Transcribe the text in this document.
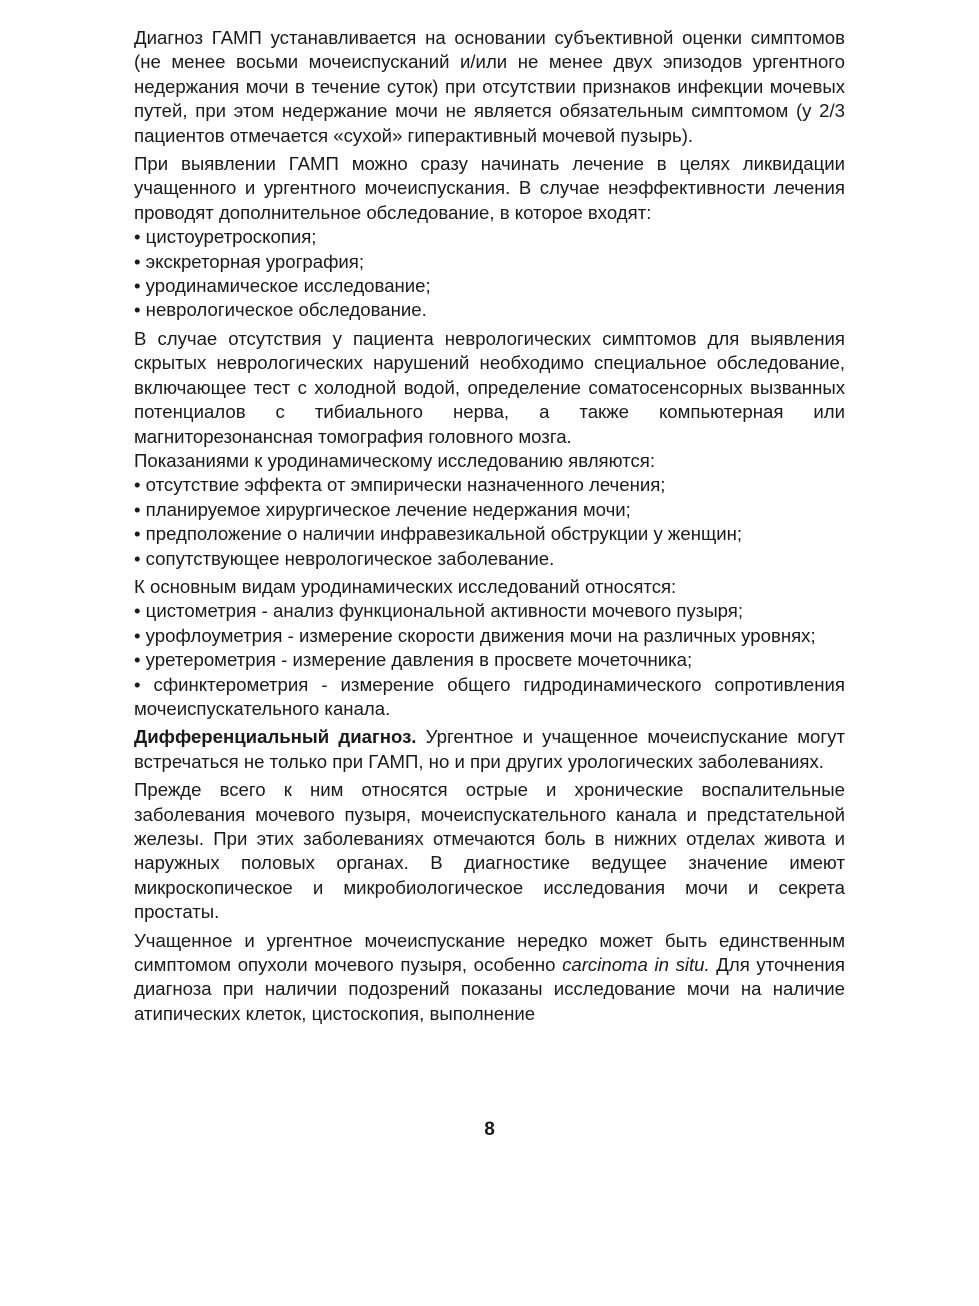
Диагноз ГАМП устанавливается на основании субъективной оценки симптомов (не менее восьми мочеиспусканий и/или не менее двух эпизодов ургентного недержания мочи в течение суток) при отсутствии признаков инфекции мочевых путей, при этом недержание мочи не является обязательным симптомом (у 2/3 пациентов отмечается «сухой» гиперактивный мочевой пузырь).

При выявлении ГАМП можно сразу начинать лечение в целях ликвидации учащенного и ургентного мочеиспускания. В случае неэффективности лечения проводят дополнительное обследование, в которое входят:

• цистоуретроскопия;

• экскреторная урография;

• уродинамическое исследование;

• неврологическое обследование.

В случае отсутствия у пациента неврологических симптомов для выявления скрытых неврологических нарушений необходимо специальное обследование, включающее тест с холодной водой, определение соматосенсорных вызванных потенциалов с тибиального нерва, а также компьютерная или магниторезонансная томография головного мозга.

Показаниями к уродинамическому исследованию являются:

• отсутствие эффекта от эмпирически назначенного лечения;

• планируемое хирургическое лечение недержания мочи;

• предположение о наличии инфравезикальной обструкции у женщин;

• сопутствующее неврологическое заболевание.

К основным видам уродинамических исследований относятся:

• цистометрия - анализ функциональной активности мочевого пузыря;

• урофлоуметрия - измерение скорости движения мочи на различных уровнях;

• уретерометрия - измерение давления в просвете мочеточника;

• сфинктерометрия - измерение общего гидродинамического сопротивления мочеиспускательного канала.

Дифференциальный диагноз. Ургентное и учащенное мочеиспускание могут встречаться не только при ГАМП, но и при других урологических заболеваниях.

Прежде всего к ним относятся острые и хронические воспалительные заболевания мочевого пузыря, мочеиспускательного канала и предстательной железы. При этих заболеваниях отмечаются боль в нижних отделах живота и наружных половых органах. В диагностике ведущее значение имеют микроскопическое и микробиологическое исследования мочи и секрета простаты.

Учащенное и ургентное мочеиспускание нередко может быть единственным симптомом опухоли мочевого пузыря, особенно carcinoma in situ. Для уточнения диагноза при наличии подозрений показаны исследование мочи на наличие атипических клеток, цистоскопия, выполнение

8
